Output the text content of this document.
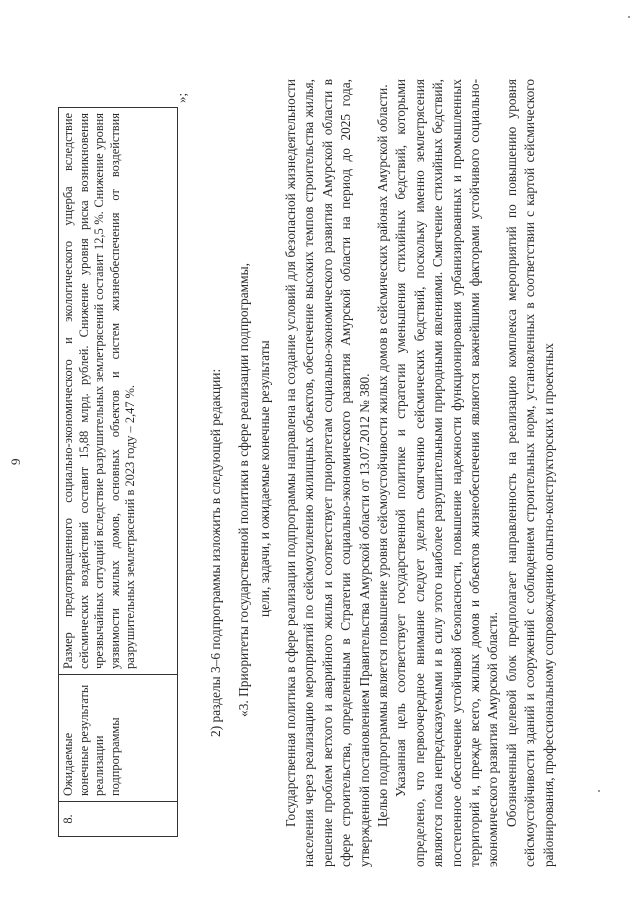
9
8.	Ожидаемые конечные результаты реализации подпрограммы	Размер предотвращенного социально-экономического и экологического ущерба вследствие сейсмических воздействий составит 15,88 млрд. рублей. Снижение уровня риска возникновения чрезвычайных ситуаций вследствие разрушительных землетрясений составит 12,5 %. Снижение уровня уязвимости жилых домов, основных объектов и систем жизнеобеспечения от воздействия разрушительных землетрясений в 2023 году – 2,47 %.
»;
2) разделы 3–6 подпрограммы изложить в следующей редакции: «3. Приоритеты государственной политики в сфере реализации подпрограммы, цели, задачи, и ожидаемые конечные результаты Государственная политика в сфере реализации подпрограммы направлена на создание условий для безопасной жизнедеятельности населения через реализацию мероприятий по сейсмоусилению жилищных объектов, обеспечение высоких темпов строительства жилья, решение проблем ветхого и аварийного жилья и соответствует приоритетам социально-экономического развития Амурской области в сфере строительства, определенным в Стратегии социально-экономического развития Амурской области на период до 2025 года, утвержденной постановлением Правительства Амурской области от 13.07.2012 № 380. Целью подпрограммы является повышение уровня сейсмоустойчивости жилых домов в сейсмических районах Амурской области. Указанная цель соответствует государственной политике и стратегии уменьшения стихийных бедствий, которыми определено, что первоочередное внимание следует уделять смягчению сейсмических бедствий, поскольку именно землетрясения являются пока непредсказуемыми и в силу этого наиболее разрушительными природными явлениями. Смягчение стихийных бедствий, постепенное обеспечение устойчивой безопасности, повышение надежности функционирования урбанизированных и промышленных территорий и, прежде всего, жилых домов и объектов жизнеобеспечения являются важнейшими факторами устойчивого социально-экономического развития Амурской области. Обозначенный целевой блок предполагает направленность на реализацию комплекса мероприятий по повышению уровня сейсмоустойчивости зданий и сооружений с соблюдением строительных норм, установленных в соответствии с картой сейсмического районирования, профессиональному сопровождению опытно-конструкторских и проектных
